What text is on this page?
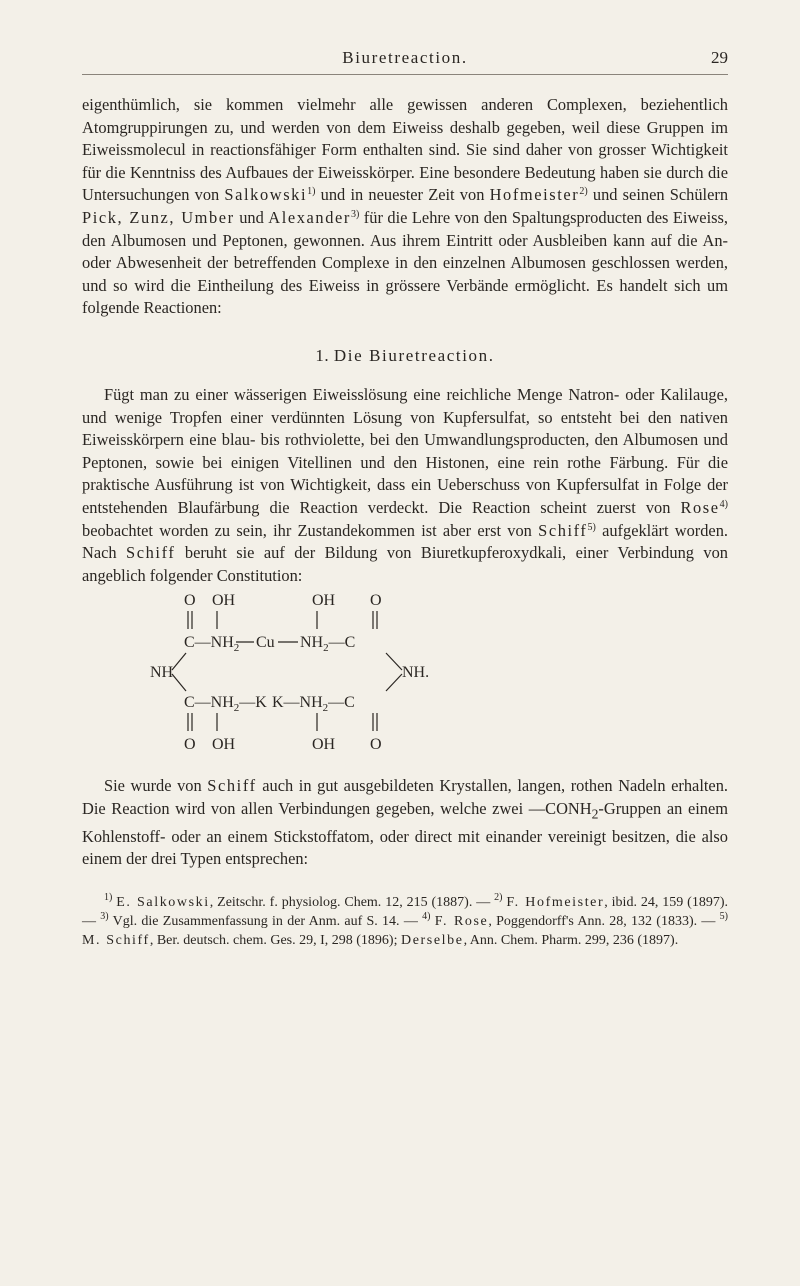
Biuretreaction.	29

eigenthümlich, sie kommen vielmehr alle gewissen anderen Complexen, beziehentlich Atomgruppirungen zu, und werden von dem Eiweiss deshalb gegeben, weil diese Gruppen im Eiweissmolecul in reactionsfähiger Form enthalten sind. Sie sind daher von grosser Wichtigkeit für die Kenntniss des Aufbaues der Eiweisskörper. Eine besondere Bedeutung haben sie durch die Untersuchungen von Salkowski$^{1)}$ und in neuester Zeit von Hofmeister$^{2)}$ und seinen Schülern Pick, Zunz, Umber und Alexander$^{3)}$ für die Lehre von den Spaltungsproducten des Eiweiss, den Albumosen und Peptonen, gewonnen. Aus ihrem Eintritt oder Ausbleiben kann auf die An- oder Abwesenheit der betreffenden Complexe in den einzelnen Albumosen geschlossen werden, und so wird die Eintheilung des Eiweiss in grössere Verbände ermöglicht. Es handelt sich um folgende Reactionen:

1. Die Biuretreaction.

Fügt man zu einer wässerigen Eiweisslösung eine reichliche Menge Natron- oder Kalilauge, und wenige Tropfen einer verdünnten Lösung von Kupfersulfat, so entsteht bei den nativen Eiweisskörpern eine blau- bis rothviolette, bei den Umwandlungsproducten, den Albumosen und Peptonen, sowie bei einigen Vitellinen und den Histonen, eine rein rothe Färbung. Für die praktische Ausführung ist von Wichtigkeit, dass ein Ueberschuss von Kupfersulfat in Folge der entstehenden Blaufärbung die Reaction verdeckt. Die Reaction scheint zuerst von Rose$^{4)}$ beobachtet worden zu sein, ihr Zustandekommen ist aber erst von Schiff$^{5)}$ aufgeklärt worden. Nach Schiff beruht sie auf der Bildung von Biuretkupferoxydkali, einer Verbindung von angeblich folgender Constitution:

O OH	OH O
$C—NH_2$ Cu $NH_2—C$
NH	NH.
$C—NH_2—K$ $K—NH_2—C$
O OH	OH O

Sie wurde von Schiff auch in gut ausgebildeten Krystallen, langen, rothen Nadeln erhalten. Die Reaction wird von allen Verbindungen gegeben, welche zwei $—CONH_2$-Gruppen an einem Kohlenstoff- oder an einem Stickstoffatom, oder direct mit einander vereinigt besitzen, die also einem der drei Typen entsprechen:

$^{1)}$ E. Salkowski, Zeitschr. f. physiolog. Chem. 12, 215 (1887). — $^{2)}$ F. Hofmeister, ibid. 24, 159 (1897). — $^{3)}$ Vgl. die Zusammenfassung in der Anm. auf S. 14. — $^{4)}$ F. Rose, Poggendorff's Ann. 28, 132 (1833). — $^{5)}$ M. Schiff, Ber. deutsch. chem. Ges. 29, I, 298 (1896); Derselbe, Ann. Chem. Pharm. 299, 236 (1897).
